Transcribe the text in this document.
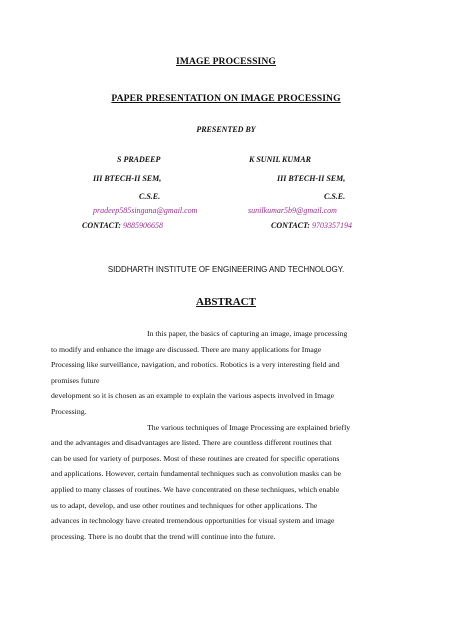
IMAGE PROCESSING
PAPER PRESENTATION ON IMAGE PROCESSING
PRESENTED BY
S PRADEEP
III BTECH-II SEM,
C.S.E.
pradeep585singana@gmail.com
CONTACT: 9885906658
K SUNIL KUMAR
III BTECH-II SEM,
C.S.E.
sunilkumar5b9@gmail.com
CONTACT: 9703357194
SIDDHARTH INSTITUTE OF ENGINEERING AND TECHNOLOGY.
ABSTRACT

In this paper, the basics of capturing an image, image processing

to modify and enhance the image are discussed. There are many applications for Image

Processing like surveillance, navigation, and robotics. Robotics is a very interesting field and

promises future

development so it is chosen as an example to explain the various aspects involved in Image

Processing.

The various techniques of Image Processing are explained briefly

and the advantages and disadvantages are listed. There are countless different routines that

can be used for variety of purposes. Most of these routines are created for specific operations

and applications. However, certain fundamental techniques such as convolution masks can be

applied to many classes of routines. We have concentrated on these techniques, which enable

us to adapt, develop, and use other routines and techniques for other applications. The

advances in technology have created tremendous opportunities for visual system and image

processing. There is no doubt that the trend will continue into the future.
